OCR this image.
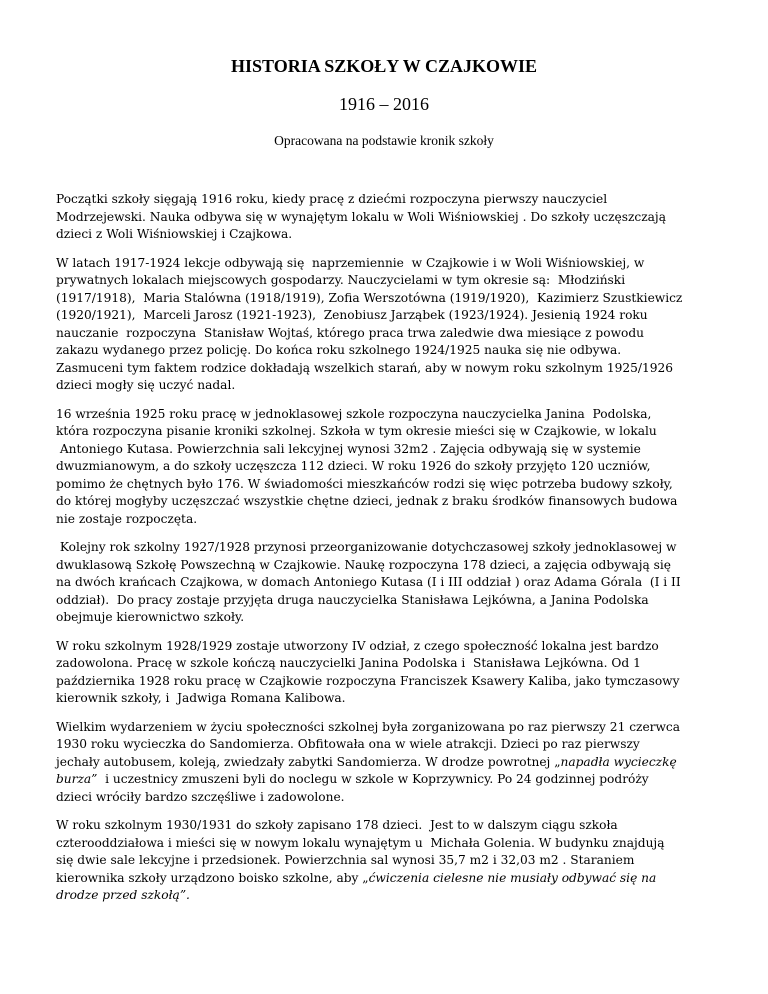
HISTORIA SZKOŁY W CZAJKOWIE
1916 – 2016
Opracowana na podstawie kronik szkoły

Początki szkoły sięgają 1916 roku, kiedy pracę z dziećmi rozpoczyna pierwszy nauczyciel
Modrzejewski. Nauka odbywa się w wynajętym lokalu w Woli Wiśniowskiej . Do szkoły uczęszczają
dzieci z Woli Wiśniowskiej i Czajkowa.

W latach 1917-1924 lekcje odbywają się  naprzemiennie  w Czajkowie i w Woli Wiśniowskiej, w
prywatnych lokalach miejscowych gospodarzy. Nauczycielami w tym okresie są:  Młodziński
(1917/1918),  Maria Stalówna (1918/1919), Zofia Werszotówna (1919/1920),  Kazimierz Szustkiewicz
(1920/1921),  Marceli Jarosz (1921-1923),  Zenobiusz Jarząbek (1923/1924). Jesienią 1924 roku
nauczanie  rozpoczyna  Stanisław Wojtaś, którego praca trwa zaledwie dwa miesiące z powodu
zakazu wydanego przez policję. Do końca roku szkolnego 1924/1925 nauka się nie odbywa.
Zasmuceni tym faktem rodzice dokładają wszelkich starań, aby w nowym roku szkolnym 1925/1926
dzieci mogły się uczyć nadal.

16 września 1925 roku pracę w jednoklasowej szkole rozpoczyna nauczycielka Janina  Podolska,
która rozpoczyna pisanie kroniki szkolnej. Szkoła w tym okresie mieści się w Czajkowie, w lokalu
Antoniego Kutasa. Powierzchnia sali lekcyjnej wynosi 32m2 . Zajęcia odbywają się w systemie
dwuzmianowym, a do szkoły uczęszcza 112 dzieci. W roku 1926 do szkoły przyjęto 120 uczniów,
pomimo że chętnych było 176. W świadomości mieszkańców rodzi się więc potrzeba budowy szkoły,
do której mogłyby uczęszczać wszystkie chętne dzieci, jednak z braku środków finansowych budowa
nie zostaje rozpoczęta.

Kolejny rok szkolny 1927/1928 przynosi przeorganizowanie dotychczasowej szkoły jednoklasowej w
dwuklasową Szkołę Powszechną w Czajkowie. Naukę rozpoczyna 178 dzieci, a zajęcia odbywają się
na dwóch krańcach Czajkowa, w domach Antoniego Kutasa (I i III oddział ) oraz Adama Górala  (I i II
oddział).  Do pracy zostaje przyjęta druga nauczycielka Stanisława Lejkówna, a Janina Podolska
obejmuje kierownictwo szkoły.

W roku szkolnym 1928/1929 zostaje utworzony IV odział, z czego społeczność lokalna jest bardzo
zadowolona. Pracę w szkole kończą nauczycielki Janina Podolska i  Stanisława Lejkówna. Od 1
października 1928 roku pracę w Czajkowie rozpoczyna Franciszek Ksawery Kaliba, jako tymczasowy
kierownik szkoły, i  Jadwiga Romana Kalibowa.

Wielkim wydarzeniem w życiu społeczności szkolnej była zorganizowana po raz pierwszy 21 czerwca
1930 roku wycieczka do Sandomierza. Obfitowała ona w wiele atrakcji. Dzieci po raz pierwszy
jechały autobusem, koleją, zwiedzały zabytki Sandomierza. W drodze powrotnej „napadła wycieczkę
burza”  i uczestnicy zmuszeni byli do noclegu w szkole w Koprzywnicy. Po 24 godzinnej podróży
dzieci wróciły bardzo szczęśliwe i zadowolone.

W roku szkolnym 1930/1931 do szkoły zapisano 178 dzieci.  Jest to w dalszym ciągu szkoła
czterooddziałowa i mieści się w nowym lokalu wynajętym u  Michała Golenia. W budynku znajdują
się dwie sale lekcyjne i przedsionek. Powierzchnia sal wynosi 35,7 m2 i 32,03 m2 . Staraniem
kierownika szkoły urządzono boisko szkolne, aby „ćwiczenia cielesne nie musiały odbywać się na
drodze przed szkołą”.
